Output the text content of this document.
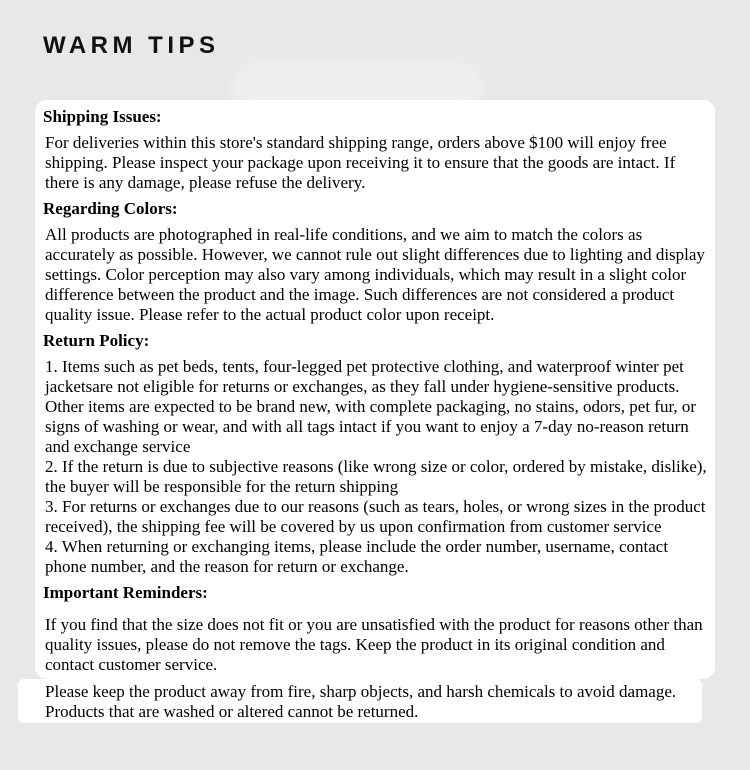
WARM TIPS
Shipping Issues:

For deliveries within this store's standard shipping range, orders above $100 will enjoy free shipping. Please inspect your package upon receiving it to ensure that the goods are intact. If there is any damage, please refuse the delivery.

Regarding Colors:

All products are photographed in real-life conditions, and we aim to match the colors as accurately as possible. However, we cannot rule out slight differences due to lighting and display settings. Color perception may also vary among individuals, which may result in a slight color difference between the product and the image. Such differences are not considered a product quality issue. Please refer to the actual product color upon receipt.

Return Policy:

1. Items such as pet beds, tents, four-legged pet protective clothing, and waterproof winter pet jacketsare not eligible for returns or exchanges, as they fall under hygiene-sensitive products. Other items are expected to be brand new, with complete packaging, no stains, odors, pet fur, or signs of washing or wear, and with all tags intact if you want to enjoy a 7-day no-reason return and exchange service

2. If the return is due to subjective reasons (like wrong size or color, ordered by mistake, dislike), the buyer will be responsible for the return shipping

3. For returns or exchanges due to our reasons (such as tears, holes, or wrong sizes in the product received), the shipping fee will be covered by us upon confirmation from customer service

4. When returning or exchanging items, please include the order number, username, contact phone number, and the reason for return or exchange.

Important Reminders:

If you find that the size does not fit or you are unsatisfied with the product for reasons other than quality issues, please do not remove the tags. Keep the product in its original condition and contact customer service.

Please keep the product away from fire, sharp objects, and harsh chemicals to avoid damage. Products that are washed or altered cannot be returned.
